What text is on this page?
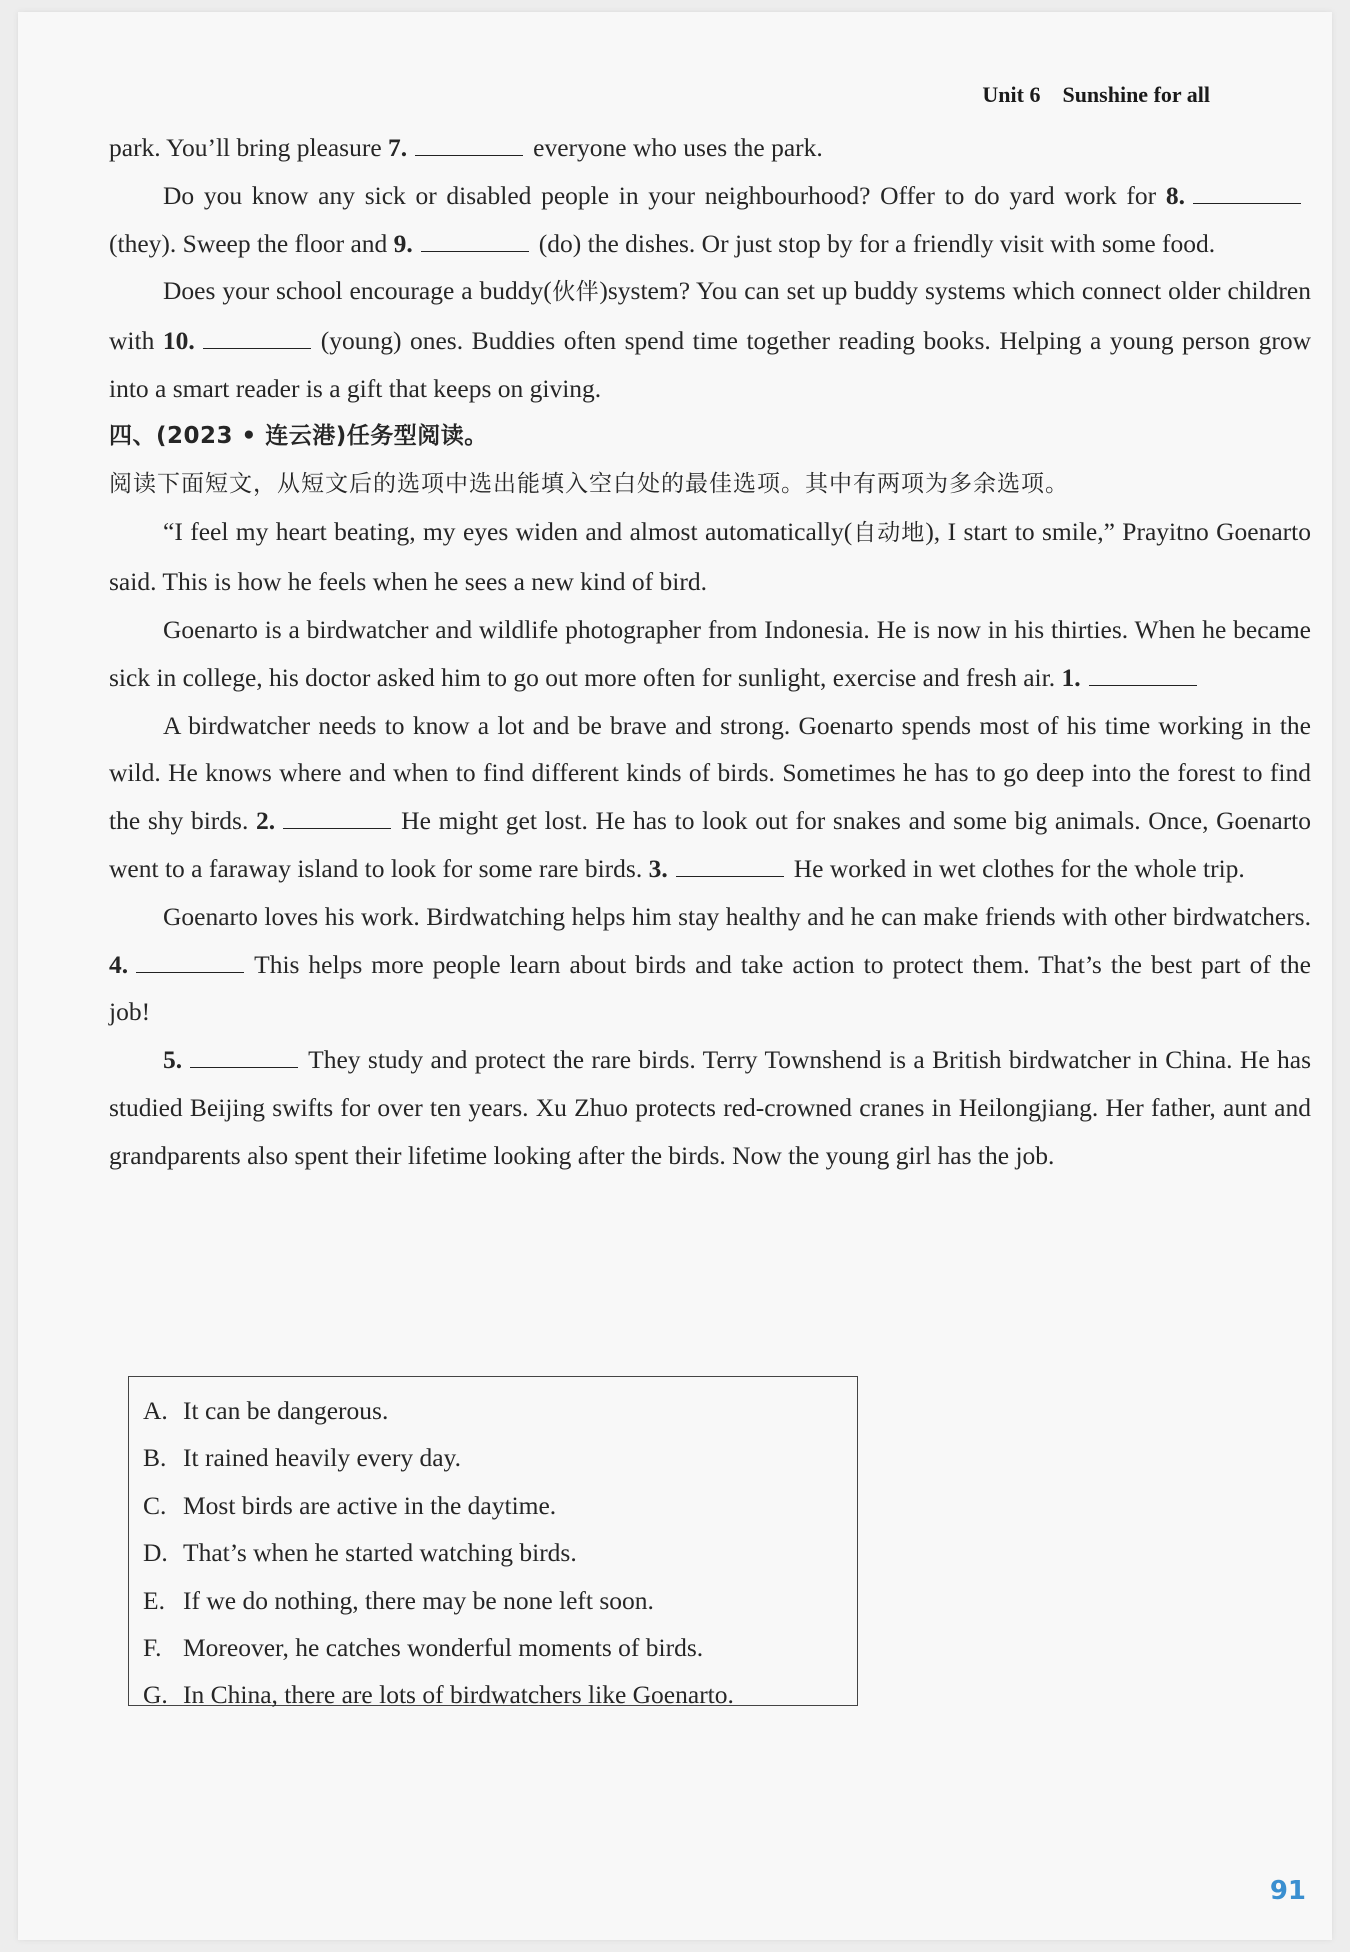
Unit 6 Sunshine for all

park. You’ll bring pleasure 7.	everyone who uses the park.

Do you know any sick or disabled people in your neighbourhood? Offer to do yard work for 8.(they). Sweep the floor and 9.	(do) the dishes. Or just stop by for a friendly visit with some food.

Does your school encourage a buddy(伙伴)system? You can set up buddy systems which connect older children with 10.	(young) ones. Buddies often spend time together reading books. Helping a young person grow into a smart reader is a gift that keeps on giving.

四、(2023 • 连云港)任务型阅读。

阅读下面短文，从短文后的选项中选出能填入空白处的最佳选项。其中有两项为多余选项。

“I feel my heart beating, my eyes widen and almost automatically(自动地), I start to smile,” Prayitno Goenarto said. This is how he feels when he sees a new kind of bird.

Goenarto is a birdwatcher and wildlife photographer from Indonesia. He is now in his thirties. When he became sick in college, his doctor asked him to go out more often for sunlight, exercise and fresh air. 1.

A birdwatcher needs to know a lot and be brave and strong. Goenarto spends most of his time working in the wild. He knows where and when to find different kinds of birds. Sometimes he has to go deep into the forest to find the shy birds. 2.	He might get lost. He has to look out for snakes and some big animals. Once, Goenarto went to a faraway island to look for some rare birds. 3.	He worked in wet clothes for the whole trip.

Goenarto loves his work. Birdwatching helps him stay healthy and he can make friends with other birdwatchers. 4.	This helps more people learn about birds and take action to protect them. That’s the best part of the job!

5.	They study and protect the rare birds. Terry Townshend is a British birdwatcher in China. He has studied Beijing swifts for over ten years. Xu Zhuo protects red-crowned cranes in Heilongjiang. Her father, aunt and grandparents also spent their lifetime looking after the birds. Now the young girl has the job.

A. It can be dangerous.
B. It rained heavily every day.
C. Most birds are active in the daytime.
D. That’s when he started watching birds.
E. If we do nothing, there may be none left soon.
F. Moreover, he catches wonderful moments of birds.
G. In China, there are lots of birdwatchers like Goenarto.
91
